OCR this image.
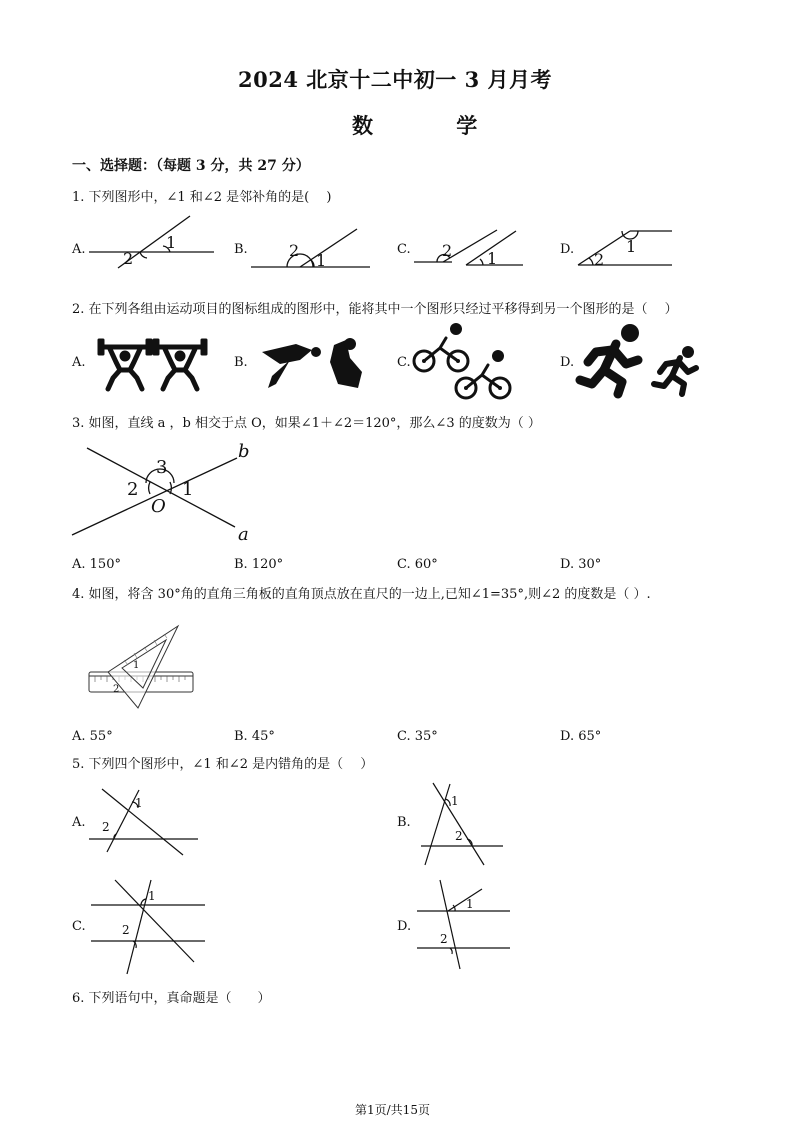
2024 北京十二中初一 3 月月考
数 学
一、选择题：（每题 3 分，共 27 分）
1. 下列图形中，∠1 和∠2 是邻补角的是(　 )
A.	B.	C.	D.
1
2	1
2	1
2	1
2
2. 在下列各组由运动项目的图标组成的图形中，能将其中一个图形只经过平移得到另一个图形的是（　 ）
A.	B.	C.	D.
3. 如图，直线 a ，b 相交于点 O，如果∠1＋∠2＝120°，那么∠3 的度数为（ ）
b
a
O
1
2
3
A. 150°	B. 120°	C. 60°	D. 30°
4. 如图，将含 30°角的直角三角板的直角顶点放在直尺的一边上,已知∠1=35°,则∠2 的度数是（ ）.
1
2
A. 55°	B. 45°	C. 35°	D. 65°
5. 下列四个图形中，∠1 和∠2 是内错角的是（　 ）
A.	B.
C.	D.
1
2
1
2
1
2
1
2
6. 下列语句中，真命题是（　　）
第1页/共15页
